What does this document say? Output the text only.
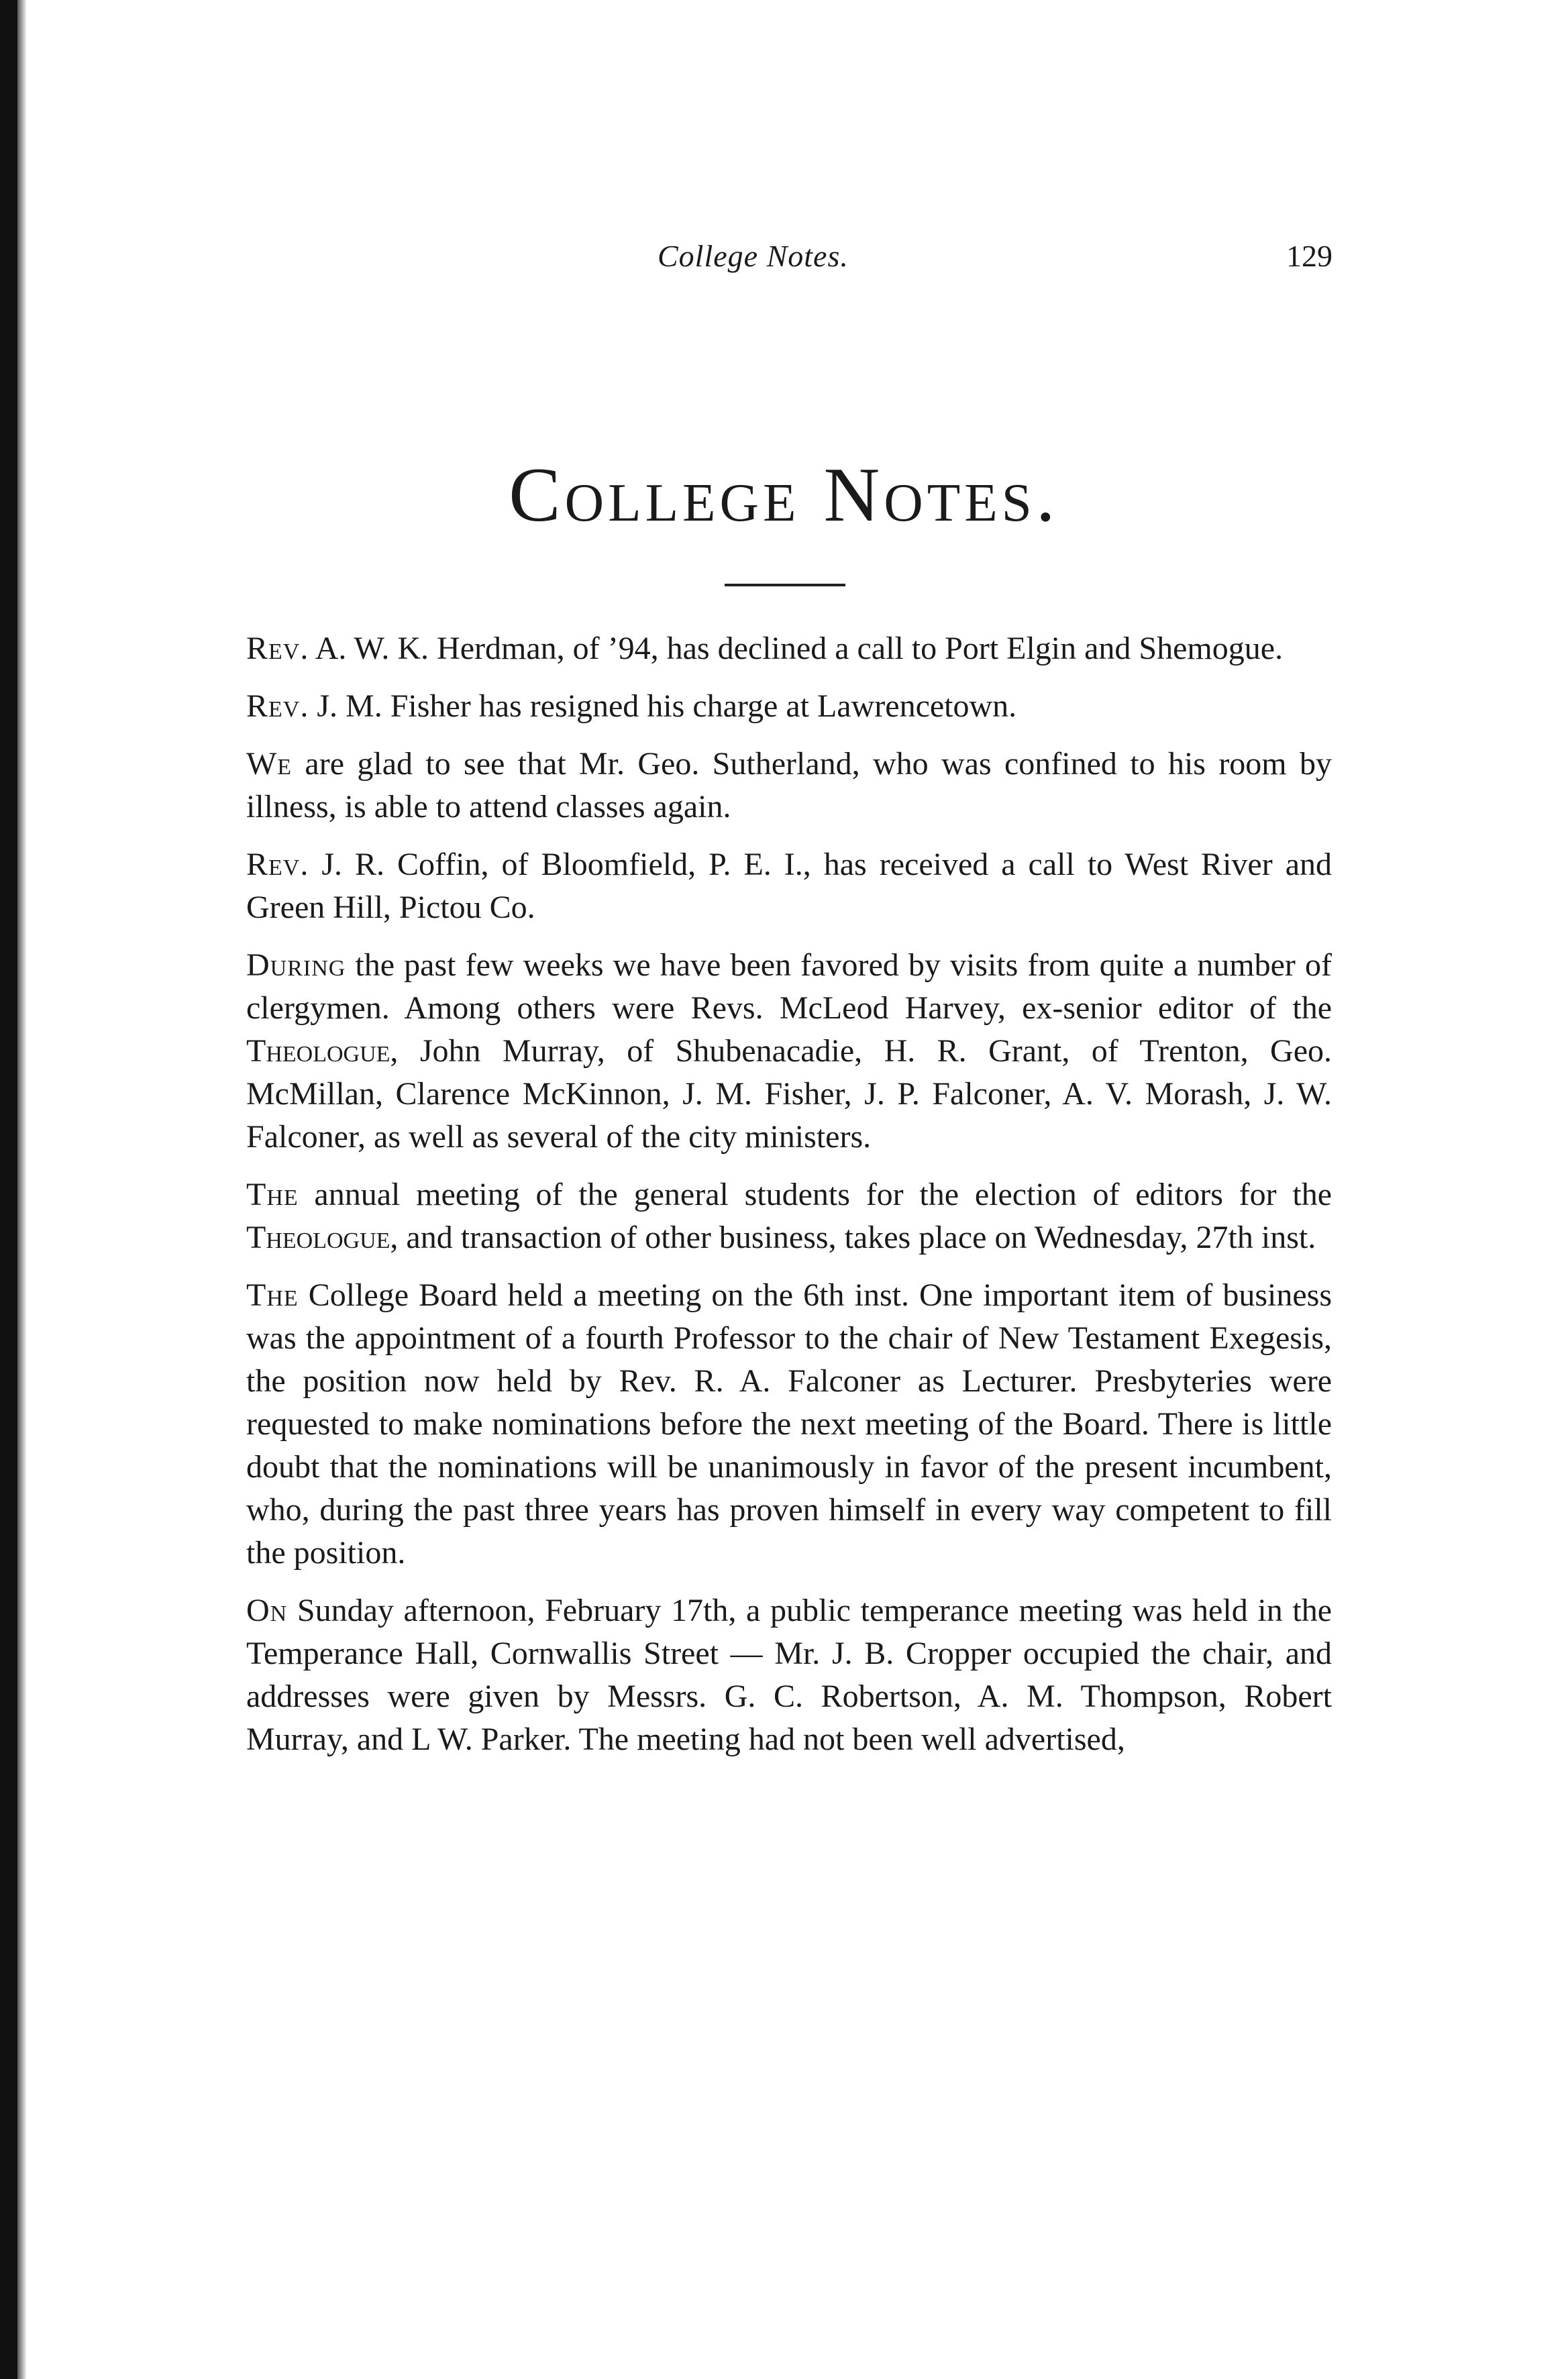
College Notes.	129
College Notes.

Rev. A. W. K. Herdman, of ’94, has declined a call to Port Elgin and Shemogue.

Rev. J. M. Fisher has resigned his charge at Lawrencetown.

We are glad to see that Mr. Geo. Sutherland, who was confined to his room by illness, is able to attend classes again.

Rev. J. R. Coffin, of Bloomfield, P. E. I., has received a call to West River and Green Hill, Pictou Co.

During the past few weeks we have been favored by visits from quite a number of clergymen. Among others were Revs. McLeod Harvey, ex-senior editor of the Theologue, John Murray, of Shubenacadie, H. R. Grant, of Trenton, Geo. McMillan, Clarence McKinnon, J. M. Fisher, J. P. Falconer, A. V. Morash, J. W. Falconer, as well as several of the city ministers.

The annual meeting of the general students for the election of editors for the Theologue, and transaction of other business, takes place on Wednesday, 27th inst.

The College Board held a meeting on the 6th inst. One important item of business was the appointment of a fourth Professor to the chair of New Testament Exegesis, the position now held by Rev. R. A. Falconer as Lecturer. Presbyteries were requested to make nominations before the next meeting of the Board. There is little doubt that the nominations will be unanimously in favor of the present incumbent, who, during the past three years has proven himself in every way competent to fill the position.

On Sunday afternoon, February 17th, a public temperance meeting was held in the Temperance Hall, Cornwallis Street — Mr. J. B. Cropper occupied the chair, and addresses were given by Messrs. G. C. Robertson, A. M. Thompson, Robert Murray, and L W. Parker. The meeting had not been well advertised,
